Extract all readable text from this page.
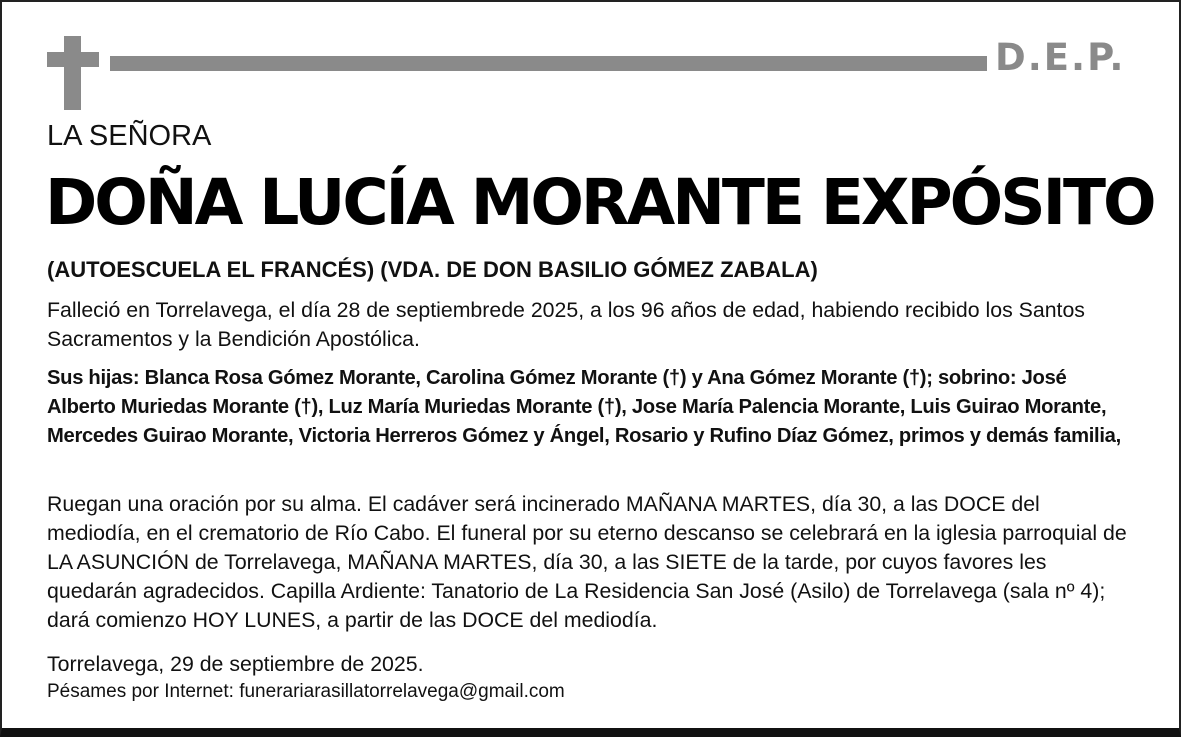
D.E.P.
LA SEÑORA
DOÑA LUCÍA MORANTE EXPÓSITO
(AUTOESCUELA EL FRANCÉS) (VDA. DE DON BASILIO GÓMEZ ZABALA)

Falleció en Torrelavega, el día 28 de septiembrede 2025, a los 96 años de edad, habiendo recibido los Santos Sacramentos y la Bendición Apostólica.

Sus hijas: Blanca Rosa Gómez Morante, Carolina Gómez Morante (†) y Ana Gómez Morante (†); sobrino: José Alberto Muriedas Morante (†), Luz María Muriedas Morante (†), Jose María Palencia Morante, Luis Guirao Morante, Mercedes Guirao Morante, Victoria Herreros Gómez y Ángel, Rosario y Rufino Díaz Gómez, primos y demás familia,

Ruegan una oración por su alma. El cadáver será incinerado MAÑANA MARTES, día 30, a las DOCE del mediodía, en el crematorio de Río Cabo. El funeral por su eterno descanso se celebrará en la iglesia parroquial de LA ASUNCIÓN de Torrelavega, MAÑANA MARTES, día 30, a las SIETE de la tarde, por cuyos favores les quedarán agradecidos. Capilla Ardiente: Tanatorio de La Residencia San José (Asilo) de Torrelavega (sala nº 4); dará comienzo HOY LUNES, a partir de las DOCE del mediodía.

Torrelavega, 29 de septiembre de 2025.
Pésames por Internet: funerariarasillatorrelavega@gmail.com
